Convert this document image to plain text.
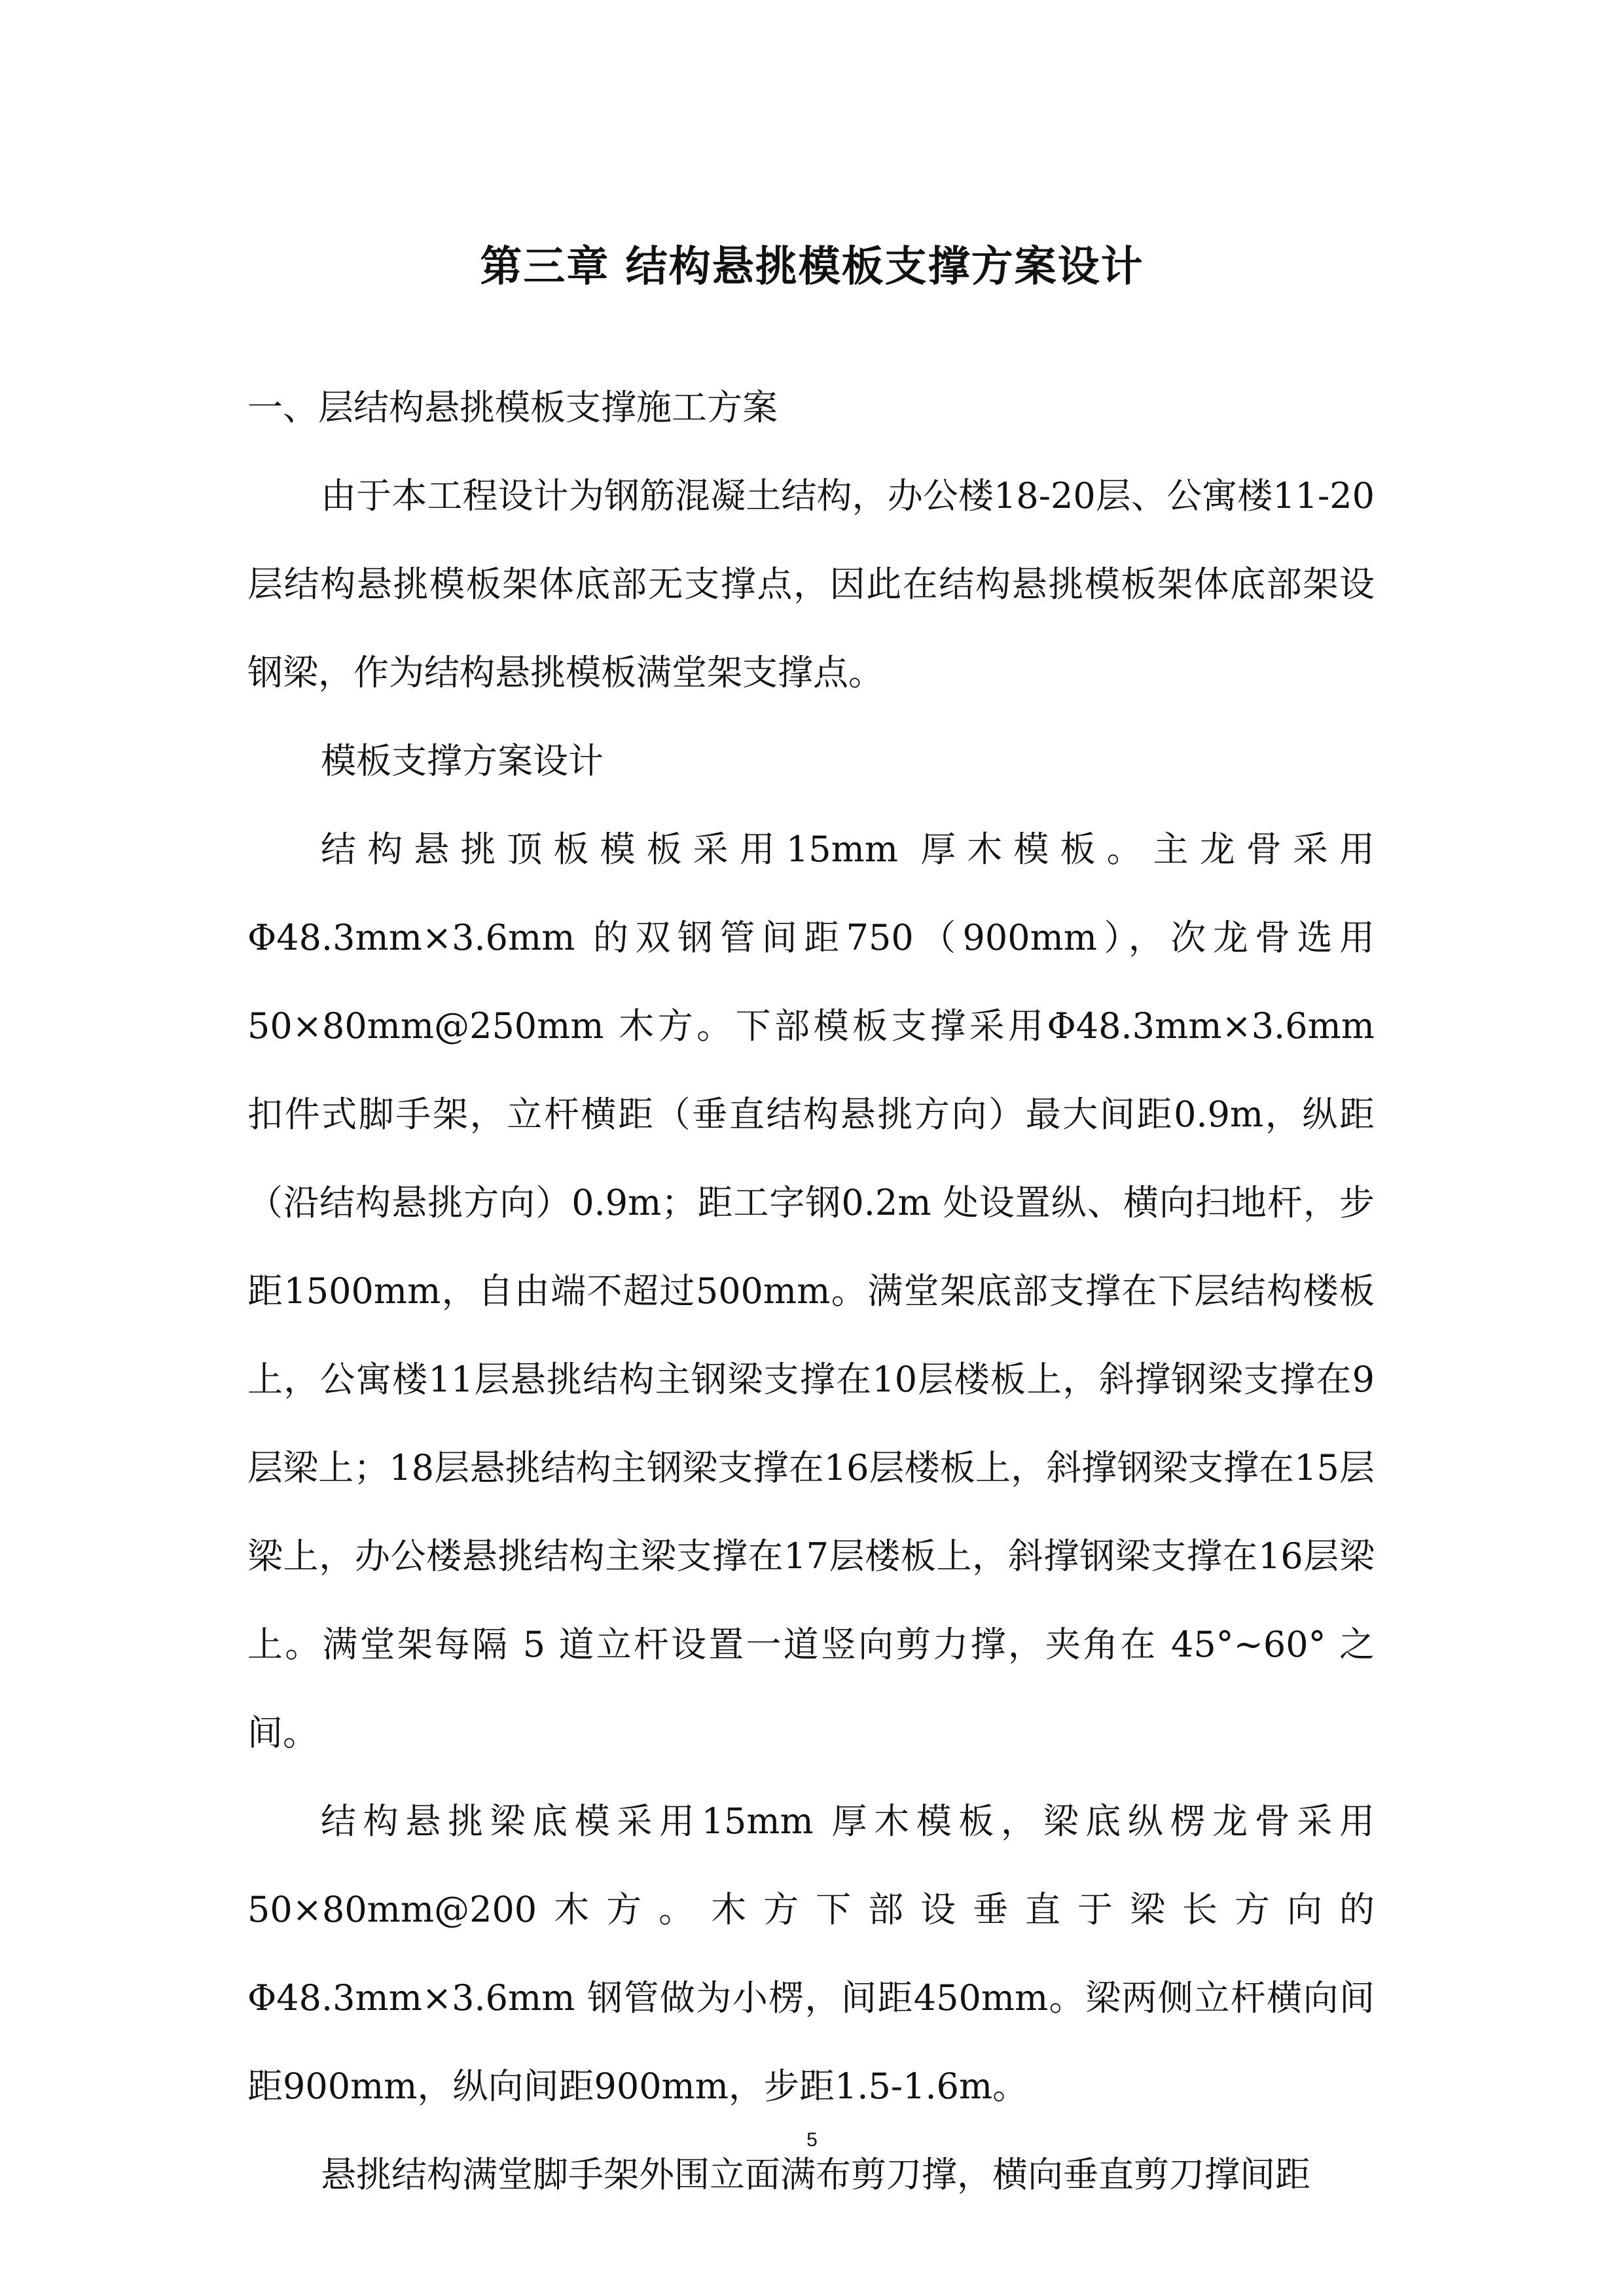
第三章 结构悬挑模板支撑方案设计

一、层结构悬挑模板支撑施工方案

由于本工程设计为钢筋混凝土结构，办公楼18-20层、公寓楼11-20层结构悬挑模板架体底部无支撑点，因此在结构悬挑模板架体底部架设钢梁，作为结构悬挑模板满堂架支撑点。

模板支撑方案设计

结构悬挑顶板模板采用15mm 厚木模板。主龙骨采用Φ48.3mm×3.6mm 的双钢管间距750（900mm），次龙骨选用50×80mm@250mm 木方。下部模板支撑采用Φ48.3mm×3.6mm 扣件式脚手架，立杆横距（垂直结构悬挑方向）最大间距0.9m，纵距（沿结构悬挑方向）0.9m；距工字钢0.2m 处设置纵、横向扫地杆，步距1500mm，自由端不超过500mm。满堂架底部支撑在下层结构楼板上，公寓楼11层悬挑结构主钢梁支撑在10层楼板上，斜撑钢梁支撑在9层梁上；18层悬挑结构主钢梁支撑在16层楼板上，斜撑钢梁支撑在15层梁上，办公楼悬挑结构主梁支撑在17层楼板上，斜撑钢梁支撑在16层梁上。满堂架每隔 5 道立杆设置一道竖向剪力撑，夹角在 45°~60° 之间。

结构悬挑梁底模采用15mm 厚木模板，梁底纵楞龙骨采用50×80mm@200木方。木方下部设垂直于梁长方向的Φ48.3mm×3.6mm 钢管做为小楞，间距450mm。梁两侧立杆横向间距900mm，纵向间距900mm，步距1.5-1.6m。

悬挑结构满堂脚手架外围立面满布剪刀撑，横向垂直剪刀撑间距

5
